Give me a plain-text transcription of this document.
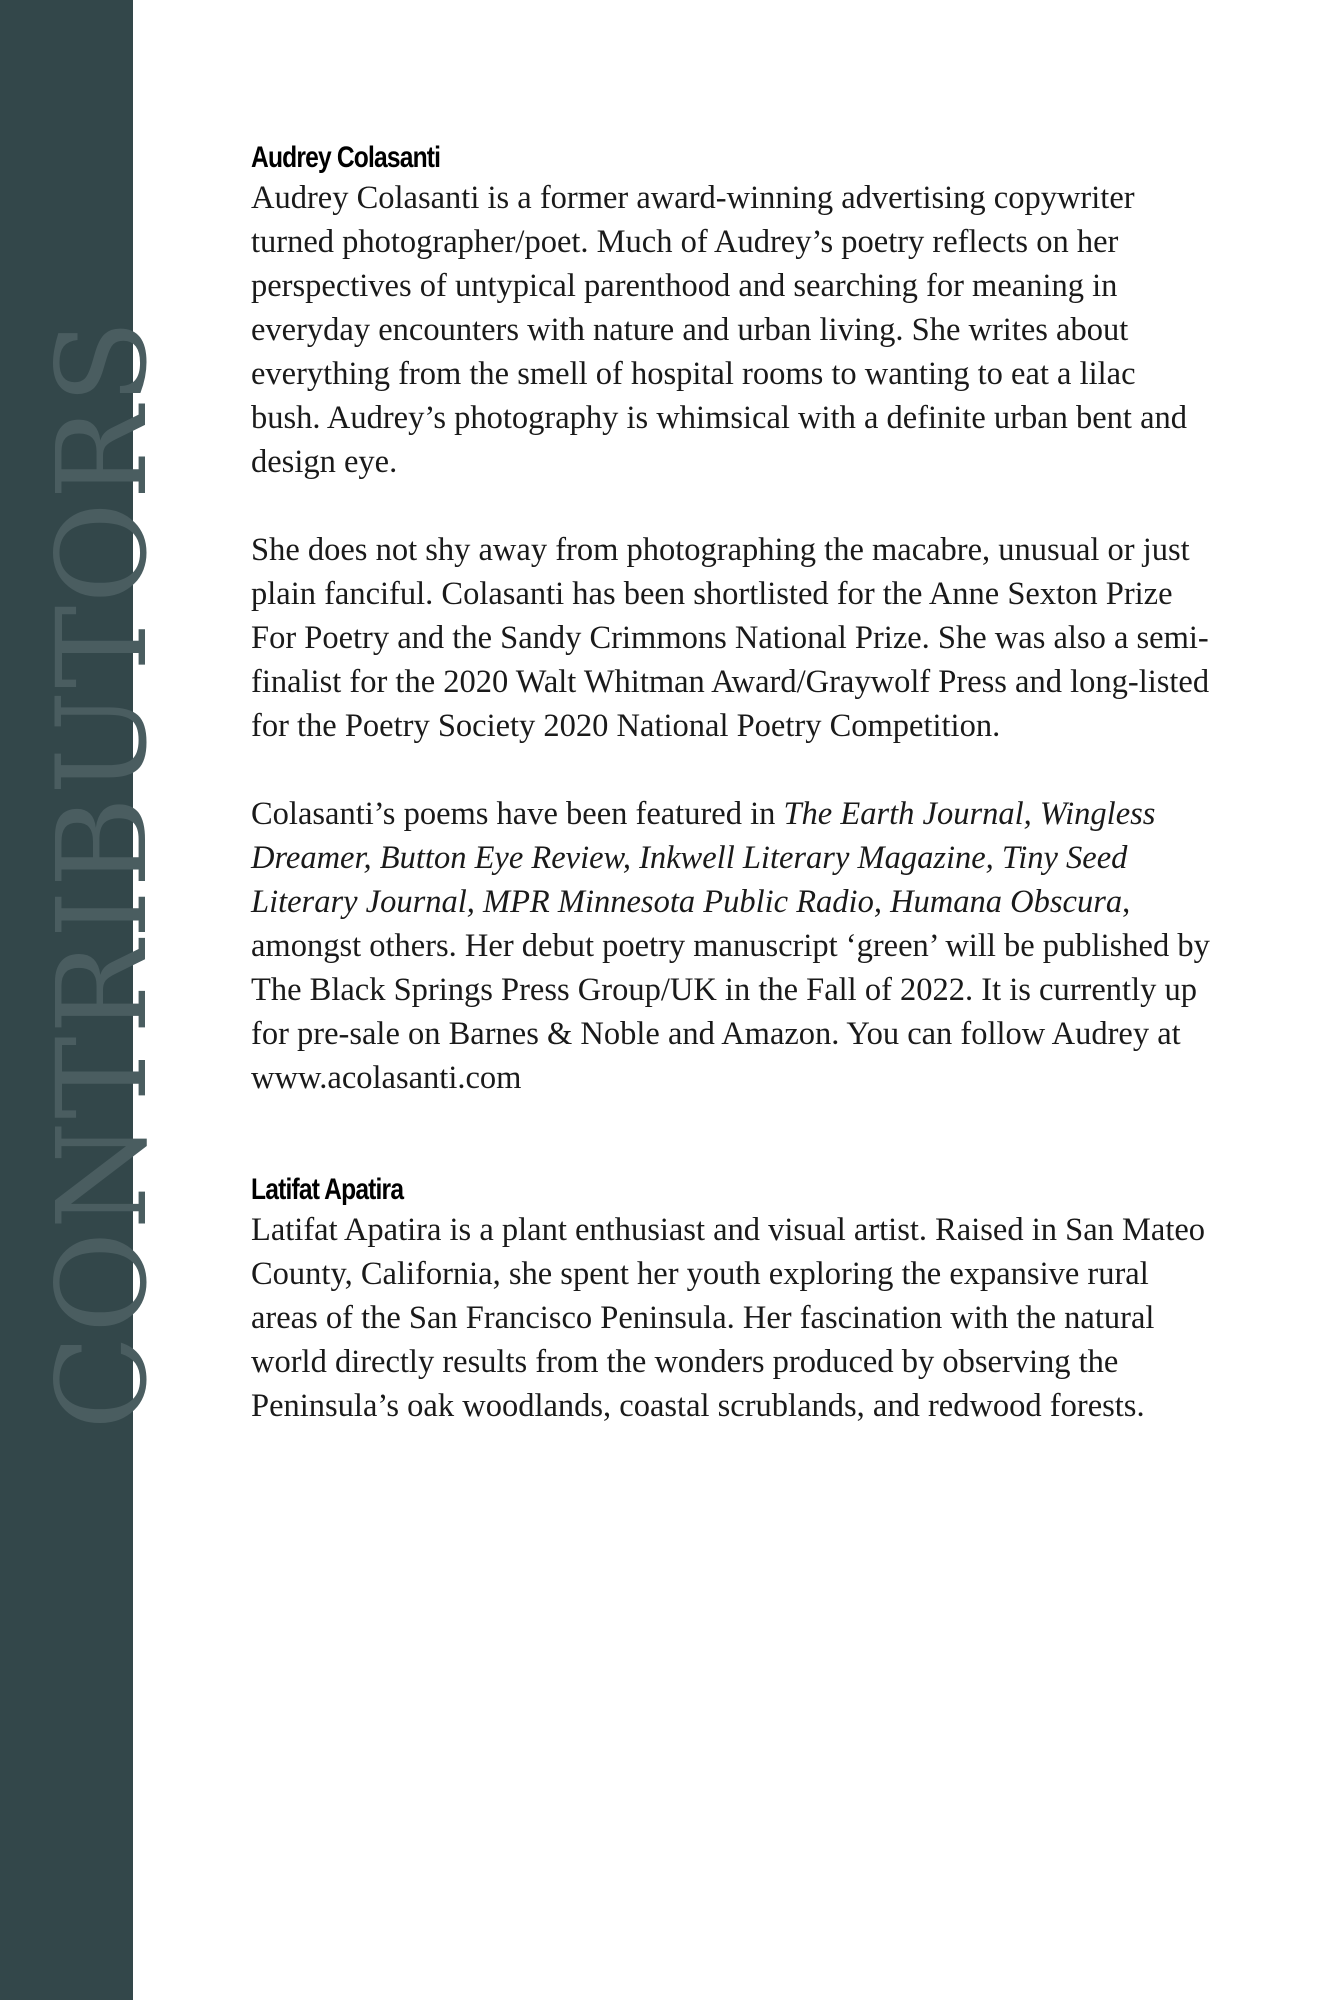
CONTRIBUTORS
Audrey Colasanti

Audrey Colasanti is a former award-winning advertising copywriter turned photographer/poet. Much of Audrey’s poetry reflects on her perspectives of untypical parenthood and searching for meaning in everyday encounters with nature and urban living. She writes about everything from the smell of hospital rooms to wanting to eat a lilac bush. Audrey’s photography is whimsical with a definite urban bent and design eye.

She does not shy away from photographing the macabre, unusual or just plain fanciful. Colasanti has been shortlisted for the Anne Sexton Prize For Poetry and the Sandy Crimmons National Prize. She was also a semi-finalist for the 2020 Walt Whitman Award/Graywolf Press and long-listed for the Poetry Society 2020 National Poetry Competition.

Colasanti’s poems have been featured in The Earth Journal, Wingless Dreamer, Button Eye Review, Inkwell Literary Magazine, Tiny Seed Literary Journal, MPR Minnesota Public Radio, Humana Obscura, amongst others. Her debut poetry manuscript ‘green’ will be published by The Black Springs Press Group/UK in the Fall of 2022. It is currently up for pre-sale on Barnes & Noble and Amazon. You can follow Audrey at www.acolasanti.com

Latifat Apatira

Latifat Apatira is a plant enthusiast and visual artist. Raised in San Mateo County, California, she spent her youth exploring the expansive rural areas of the San Francisco Peninsula. Her fascination with the natural world directly results from the wonders produced by observing the Peninsula’s oak woodlands, coastal scrublands, and redwood forests.
